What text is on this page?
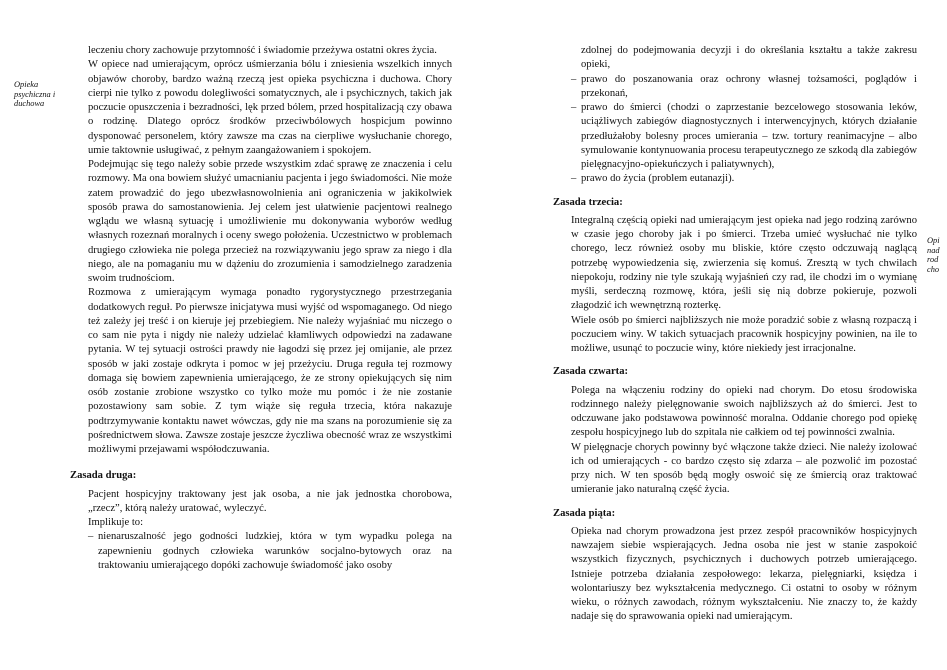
Opieka psychiczna i duchowa

leczeniu chory zachowuje przytomność i świadomie przeżywa ostatni okres życia.

W opiece nad umierającym, oprócz uśmierzania bólu i zniesienia wszelkich innych objawów choroby, bardzo ważną rzeczą jest opieka psychiczna i duchowa. Chory cierpi nie tylko z powodu dolegliwości somatycznych, ale i psychicznych, takich jak poczucie opuszczenia i bezradności, lęk przed bólem, przed hospitalizacją czy obawa o rodzinę. Dlatego oprócz środków przeciwbólowych hospicjum powinno dysponować personelem, który zawsze ma czas na cierpliwe wysłuchanie chorego, umie taktownie usługiwać, z pełnym zaangażowaniem i spokojem.

Podejmując się tego należy sobie przede wszystkim zdać sprawę ze znaczenia i celu rozmowy. Ma ona bowiem służyć umacnianiu pacjenta i jego świadomości. Nie może zatem prowadzić do jego ubezwłasnowolnienia ani ograniczenia w jakikolwiek sposób prawa do samostanowienia. Jej celem jest ułatwienie pacjentowi realnego wglądu we własną sytuację i umożliwienie mu dokonywania wyborów według własnych rozeznań moralnych i oceny swego położenia. Uczestnictwo w problemach drugiego człowieka nie polega przecież na rozwiązywaniu jego spraw za niego i dla niego, ale na pomaganiu mu w dążeniu do zrozumienia i samodzielnego zaradzenia swoim trudnościom.

Rozmowa z umierającym wymaga ponadto rygorystycznego przestrzegania dodatkowych reguł. Po pierwsze inicjatywa musi wyjść od wspomaganego. Od niego też zależy jej treść i on kieruje jej przebiegiem. Nie należy wyjaśniać mu niczego o co sam nie pyta i nigdy nie należy udzielać kłamliwych odpowiedzi na zadawane pytania. W tej sytuacji ostrości prawdy nie łagodzi się przez jej omijanie, ale przez sposób w jaki zostaje odkryta i pomoc w jej przeżyciu. Druga reguła tej rozmowy domaga się bowiem zapewnienia umierającego, że ze strony opiekujących się nim osób zostanie zrobione wszystko co tylko może mu pomóc i że nie zostanie pozostawiony sam sobie. Z tym wiąże się reguła trzecia, która nakazuje podtrzymywanie kontaktu nawet wówczas, gdy nie ma szans na porozumienie się za pośrednictwem słowa. Zawsze zostaje jeszcze życzliwa obecność wraz ze wszystkimi możliwymi przejawami współodczuwania.

Zasada druga:

Pacjent hospicyjny traktowany jest jak osoba, a nie jak jednostka chorobowa, „rzecz”, którą należy uratować, wyleczyć.

Implikuje to:

– nienaruszalność jego godności ludzkiej, która w tym wypadku polega na zapewnieniu godnych człowieka warunków socjalno-bytowych oraz na traktowaniu umierającego dopóki zachowuje świadomość jako osoby
Opi nad rod cho

zdolnej do podejmowania decyzji i do określania kształtu a także zakresu opieki,

– prawo do poszanowania oraz ochrony własnej tożsamości, poglądów i przekonań,
– prawo do śmierci (chodzi o zaprzestanie bezcelowego stosowania leków, uciążliwych zabiegów diagnostycznych i interwencyjnych, których działanie przedłużałoby bolesny proces umierania – tzw. tortury reanimacyjne – albo symulowanie kontynuowania procesu terapeutycznego ze szkodą dla zabiegów pielęgnacyjno-opiekuńczych i paliatywnych),
– prawo do życia (problem eutanazji).

Zasada trzecia:

Integralną częścią opieki nad umierającym jest opieka nad jego rodziną zarówno w czasie jego choroby jak i po śmierci. Trzeba umieć wysłuchać nie tylko chorego, lecz również osoby mu bliskie, które często odczuwają naglącą potrzebę wypowiedzenia się, zwierzenia się komuś. Zresztą w tych chwilach niepokoju, rodziny nie tyle szukają wyjaśnień czy rad, ile chodzi im o wymianę myśli, serdeczną rozmowę, która, jeśli się nią dobrze pokieruje, pozwoli złagodzić ich wewnętrzną rozterkę.

Wiele osób po śmierci najbliższych nie może poradzić sobie z własną rozpaczą i poczuciem winy. W takich sytuacjach pracownik hospicyjny powinien, na ile to możliwe, usunąć to poczucie winy, które niekiedy jest irracjonalne.

Zasada czwarta:

Polega na włączeniu rodziny do opieki nad chorym. Do etosu środowiska rodzinnego należy pielęgnowanie swoich najbliższych aż do śmierci. Jest to odczuwane jako podstawowa powinność moralna. Oddanie chorego pod opiekę zespołu hospicyjnego lub do szpitala nie całkiem od tej powinności zwalnia.

W pielęgnacje chorych powinny być włączone także dzieci. Nie należy izolować ich od umierających - co bardzo często się zdarza – ale pozwolić im pozostać przy nich. W ten sposób będą mogły oswoić się ze śmiercią oraz traktować umieranie jako naturalną część życia.

Zasada piąta:

Opieka nad chorym prowadzona jest przez zespół pracowników hospicyjnych nawzajem siebie wspierających. Jedna osoba nie jest w stanie zaspokoić wszystkich fizycznych, psychicznych i duchowych potrzeb umierającego. Istnieje potrzeba działania zespołowego: lekarza, pielęgniarki, księdza i wolontariuszy bez wykształcenia medycznego. Ci ostatni to osoby w różnym wieku, o różnych zawodach, różnym wykształceniu. Nie znaczy to, że każdy nadaje się do sprawowania opieki nad umierającym.
